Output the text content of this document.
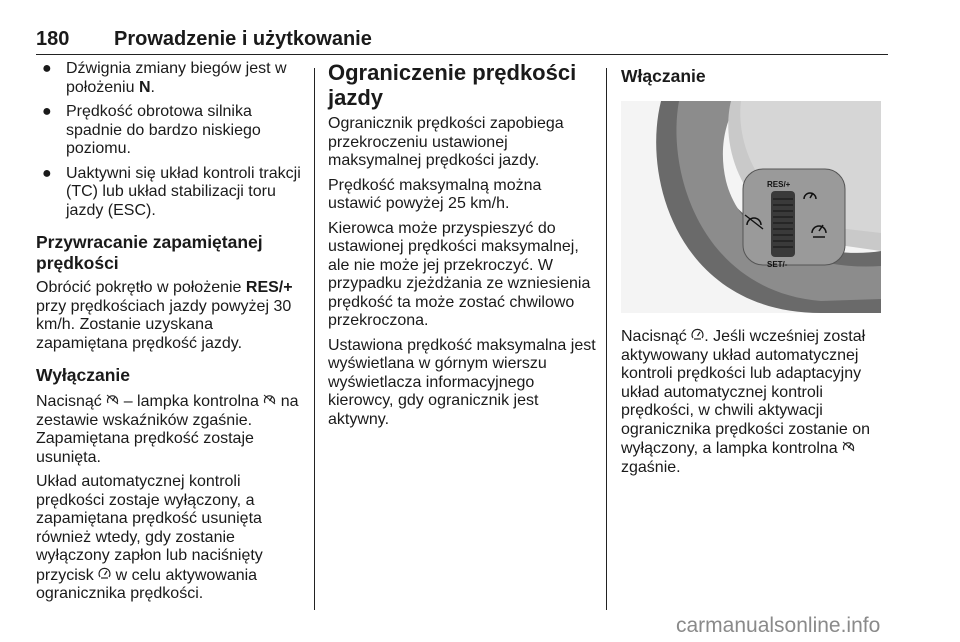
180 Prowadzenie i użytkowanie
● Dźwignia zmiany biegów jest w położeniu N.
● Prędkość obrotowa silnika spadnie do bardzo niskiego poziomu.
● Uaktywni się układ kontroli trakcji (TC) lub układ stabilizacji toru jazdy (ESC).
Przywracanie zapamiętanej prędkości

Obrócić pokrętło w położenie RES/+ przy prędkościach jazdy powyżej 30 km/h. Zostanie uzyskana zapamiętana prędkość jazdy.

Wyłączanie

Nacisnąć  – lampka kontrolna  na zestawie wskaźników zgaśnie. Zapamiętana prędkość zostaje usunięta.

Układ automatycznej kontroli prędkości zostaje wyłączony, a zapamiętana prędkość usunięta również wtedy, gdy zostanie wyłączony zapłon lub naciśnięty przycisk  w celu aktywowania ogranicznika prędkości.

Ograniczenie prędkości jazdy

Ogranicznik prędkości zapobiega przekroczeniu ustawionej maksymalnej prędkości jazdy.

Prędkość maksymalną można ustawić powyżej 25 km/h.

Kierowca może przyspieszyć do ustawionej prędkości maksymalnej, ale nie może jej przekroczyć. W przypadku zjeżdżania ze wzniesienia prędkość ta może zostać chwilowo przekroczona.

Ustawiona prędkość maksymalna jest wyświetlana w górnym wierszu wyświetlacza informacyjnego kierowcy, gdy ogranicznik jest aktywny.

Włączanie
RES/+
SET/-

Nacisnąć . Jeśli wcześniej został aktywowany układ automatycznej kontroli prędkości lub adaptacyjny układ automatycznej kontroli prędkości, w chwili aktywacji ogranicznika prędkości zostanie on wyłączony, a lampka kontrolna  zgaśnie.

carmanualsonline.info
